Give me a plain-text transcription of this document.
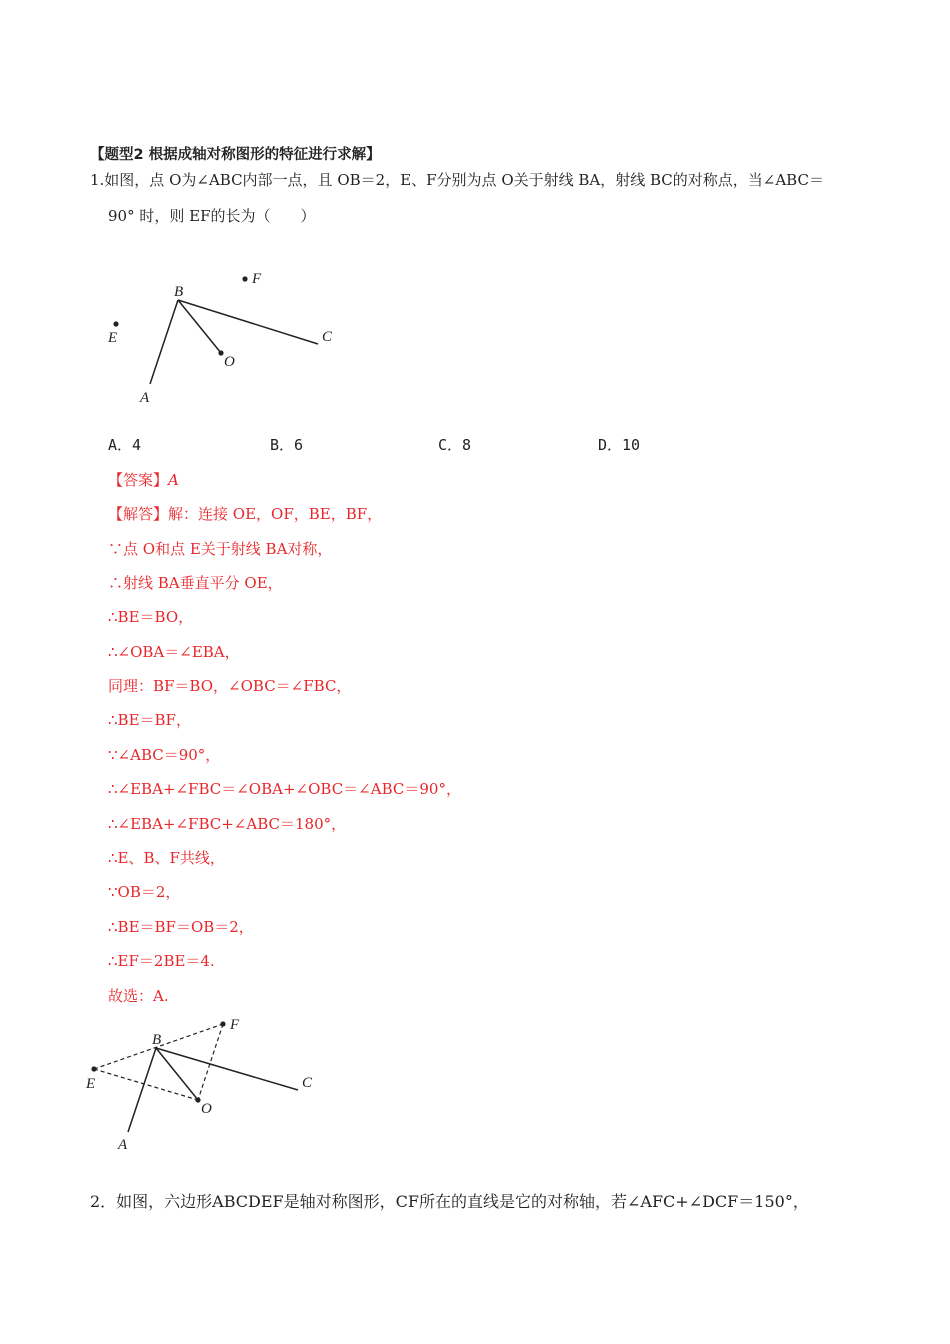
【题型2 根据成轴对称图形的特征进行求解】
1.如图，点 O为∠ABC内部一点，且 OB＝2，E、F分别为点 O关于射线 BA，射线 BC的对称点，当∠ABC＝
90° 时，则 EF的长为（　　）
B
F
E	C
O
A
A．4	B．6	C．8	D．10
【答案】A
【解答】解：连接 OE，OF，BE，BF，
∵点 O和点 E关于射线 BA对称，
∴射线 BA垂直平分 OE，
∴BE＝BO，
∴∠OBA＝∠EBA，
同理：BF＝BO，∠OBC＝∠FBC，
∴BE＝BF，
∵∠ABC＝90°，
∴∠EBA+∠FBC＝∠OBA+∠OBC＝∠ABC＝90°，
∴∠EBA+∠FBC+∠ABC＝180°，
∴E、B、F共线，
∵OB＝2，
∴BE＝BF＝OB＝2，
∴EF＝2BE＝4.
故选：A.
B
F
E	C
O
A
2．如图，六边形ABCDEF是轴对称图形，CF所在的直线是它的对称轴，若∠AFC+∠DCF＝150°，
